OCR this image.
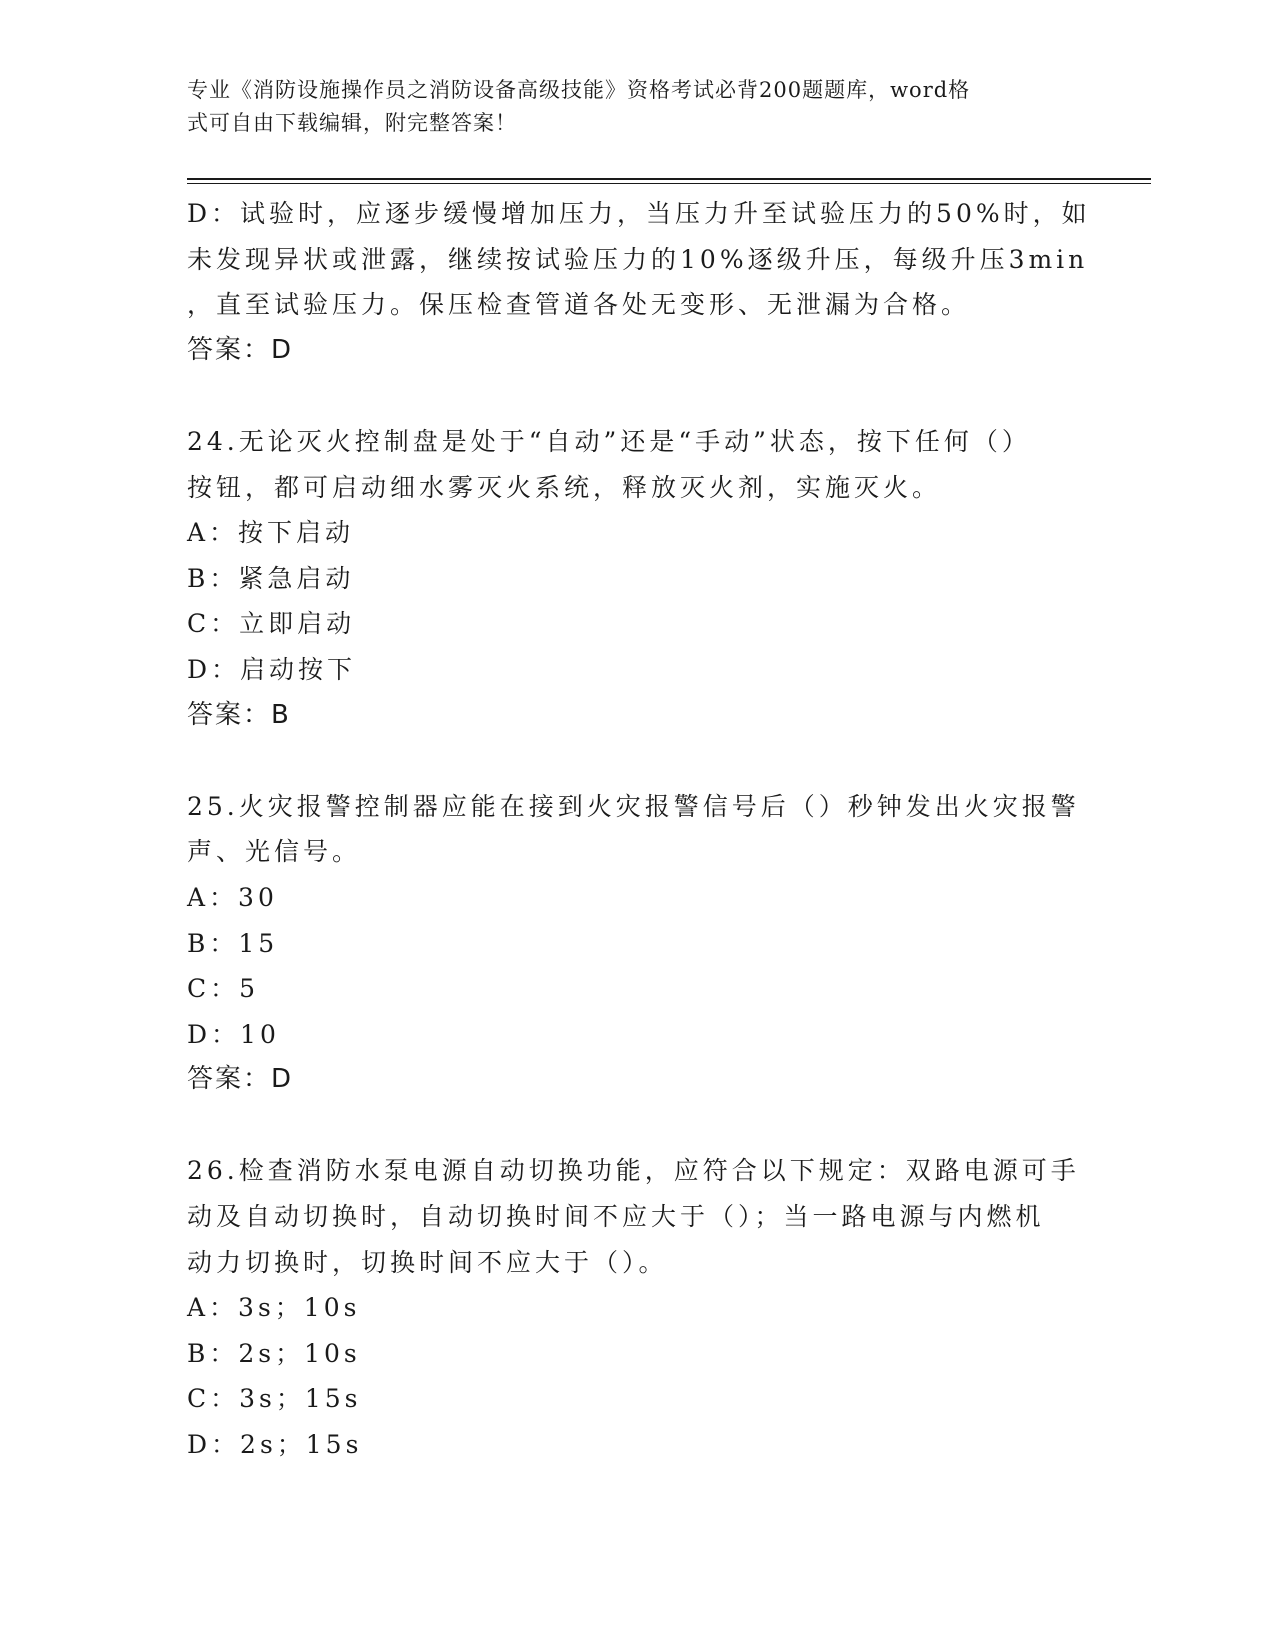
专业《消防设施操作员之消防设备高级技能》资格考试必背200题题库，word格
式可自由下载编辑，附完整答案！
D：试验时，应逐步缓慢增加压力，当压力升至试验压力的50%时，如
未发现异状或泄露，继续按试验压力的10%逐级升压，每级升压3min
，直至试验压力。保压检查管道各处无变形、无泄漏为合格。
答案：D
24.无论灭火控制盘是处于“自动”还是“手动”状态，按下任何（）
按钮，都可启动细水雾灭火系统，释放灭火剂，实施灭火。
A：按下启动
B：紧急启动
C：立即启动
D：启动按下
答案：B
25.火灾报警控制器应能在接到火灾报警信号后（）秒钟发出火灾报警
声、光信号。
A：30
B：15
C：5
D：10
答案：D
26.检查消防水泵电源自动切换功能，应符合以下规定：双路电源可手
动及自动切换时，自动切换时间不应大于（）；当一路电源与内燃机
动力切换时，切换时间不应大于（）。
A：3s；10s
B：2s；10s
C：3s；15s
D：2s；15s
